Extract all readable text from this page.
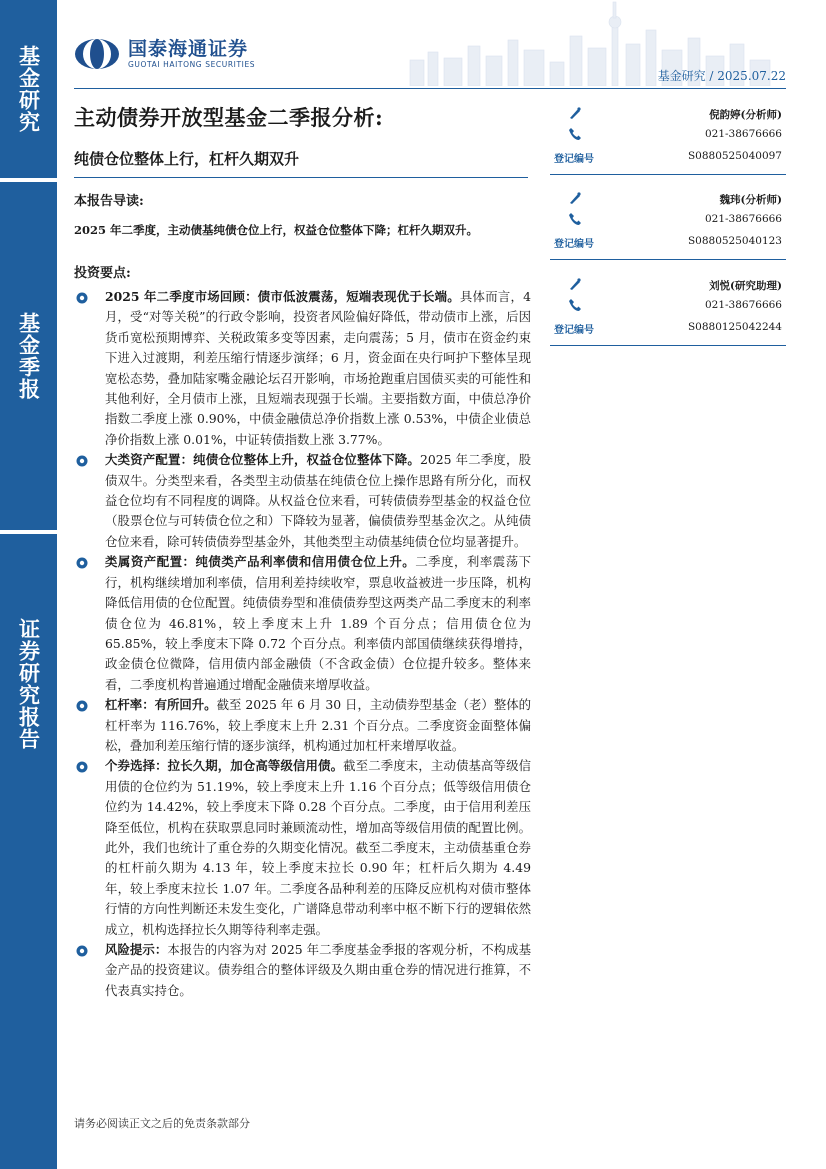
基金研究
基金季报
证券研究报告
国泰海通证券
GUOTAI HAITONG SECURITIES
基金研究 / 2025.07.22
主动债券开放型基金二季报分析:
纯债仓位整体上行，杠杆久期双升
本报告导读:
2025 年二季度，主动债基纯债仓位上行，权益仓位整体下降；杠杆久期双升。
投资要点:
2025 年二季度市场回顾：债市低波震荡，短端表现优于长端。具体而言，4 月，受“对等关税”的行政令影响，投资者风险偏好降低，带动债市上涨，后因货币宽松预期博弈、关税政策多变等因素，走向震荡；5 月，债市在资金约束下进入过渡期，利差压缩行情逐步演绎；6 月，资金面在央行呵护下整体呈现宽松态势，叠加陆家嘴金融论坛召开影响，市场抢跑重启国债买卖的可能性和其他利好，全月债市上涨，且短端表现强于长端。主要指数方面，中债总净价指数二季度上涨 0.90%，中债金融债总净价指数上涨 0.53%，中债企业债总净价指数上涨 0.01%，中证转债指数上涨 3.77%。
大类资产配置：纯债仓位整体上升，权益仓位整体下降。2025 年二季度，股债双牛。分类型来看，各类型主动债基在纯债仓位上操作思路有所分化，而权益仓位均有不同程度的调降。从权益仓位来看，可转债债券型基金的权益仓位（股票仓位与可转债仓位之和）下降较为显著，偏债债券型基金次之。从纯债仓位来看，除可转债债券型基金外，其他类型主动债基纯债仓位均显著提升。
类属资产配置：纯债类产品利率债和信用债仓位上升。二季度，利率震荡下行，机构继续增加利率债，信用利差持续收窄，票息收益被进一步压降，机构降低信用债的仓位配置。纯债债券型和准债债券型这两类产品二季度末的利率债仓位为 46.81%，较上季度末上升 1.89 个百分点；信用债仓位为 65.85%，较上季度末下降 0.72 个百分点。利率债内部国债继续获得增持，政金债仓位微降，信用债内部金融债（不含政金债）仓位提升较多。整体来看，二季度机构普遍通过增配金融债来增厚收益。
杠杆率：有所回升。截至 2025 年 6 月 30 日，主动债券型基金（老）整体的杠杆率为 116.76%，较上季度末上升 2.31 个百分点。二季度资金面整体偏松，叠加利差压缩行情的逐步演绎，机构通过加杠杆来增厚收益。
个券选择：拉长久期，加仓高等级信用债。截至二季度末，主动债基高等级信用债的仓位约为 51.19%，较上季度末上升 1.16 个百分点；低等级信用债仓位约为 14.42%，较上季度末下降 0.28 个百分点。二季度，由于信用利差压降至低位，机构在获取票息同时兼顾流动性，增加高等级信用债的配置比例。此外，我们也统计了重仓券的久期变化情况。截至二季度末，主动债基重仓券的杠杆前久期为 4.13 年，较上季度末拉长 0.90 年；杠杆后久期为 4.49 年，较上季度末拉长 1.07 年。二季度各品种利差的压降反应机构对债市整体行情的方向性判断还未发生变化，广谱降息带动利率中枢不断下行的逻辑依然成立，机构选择拉长久期等待利率走强。
风险提示：本报告的内容为对 2025 年二季度基金季报的客观分析，不构成基金产品的投资建议。债券组合的整体评级及久期由重仓券的情况进行推算，不代表真实持仓。
倪韵婷(分析师)
021-38676666
登记编号	S0880525040097
魏玮(分析师)
021-38676666
登记编号	S0880525040123
刘悦(研究助理)
021-38676666
登记编号	S0880125042244
请务必阅读正文之后的免责条款部分
